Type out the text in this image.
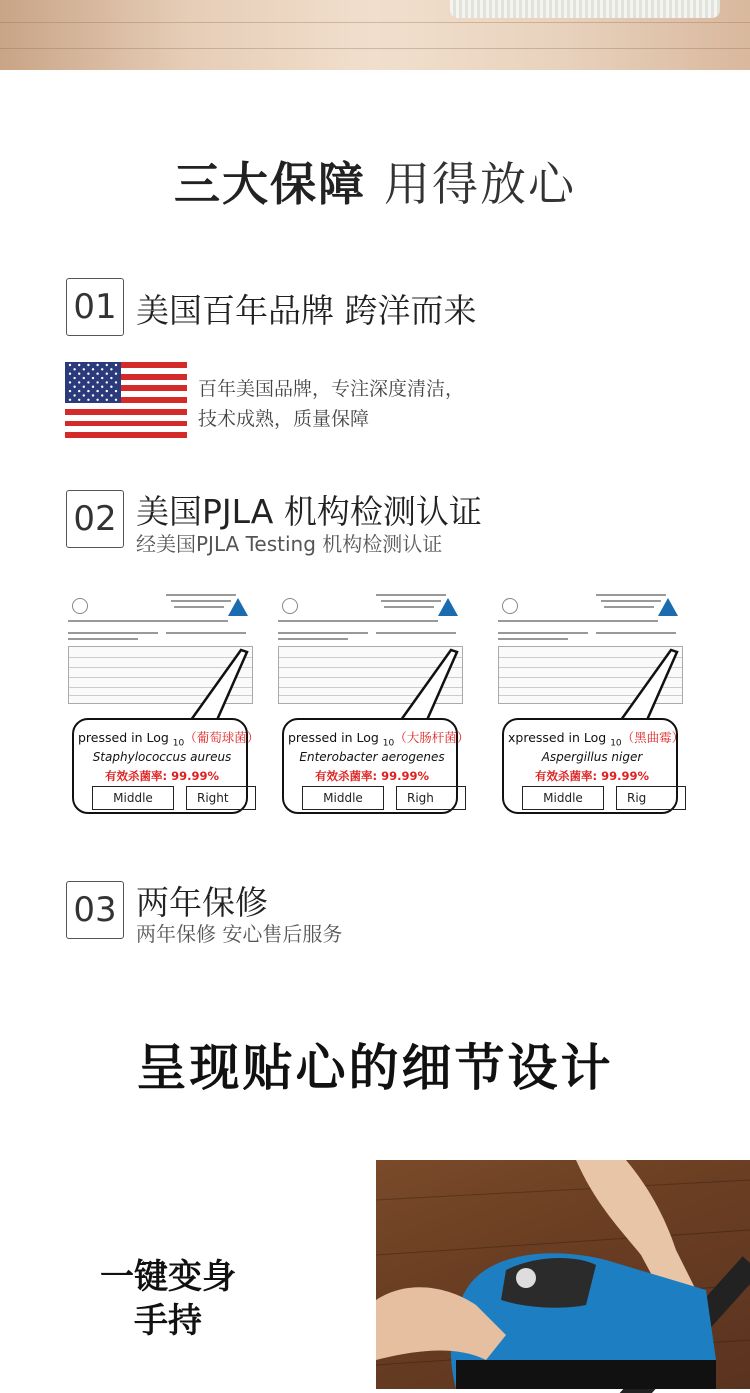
三大保障 用得放心
01 美国百年品牌 跨洋而来
百年美国品牌，专注深度清洁，
技术成熟，质量保障
02 美国PJLA 机构检测认证
经美国PJLA Testing 机构检测认证
pressed in Log $_{10}$（葡萄球菌）
Staphylococcus aureus
有效杀菌率: 99.99%
Middle	Right
pressed in Log $_{10}$（大肠杆菌）
Enterobacter aerogenes
有效杀菌率: 99.99%
Middle	Righ
xpressed in Log $_{10}$（黑曲霉）
Aspergillus niger
有效杀菌率: 99.99%
Middle	Rig
03 两年保修
两年保修 安心售后服务
呈现贴心的细节设计
一键变身
手持
